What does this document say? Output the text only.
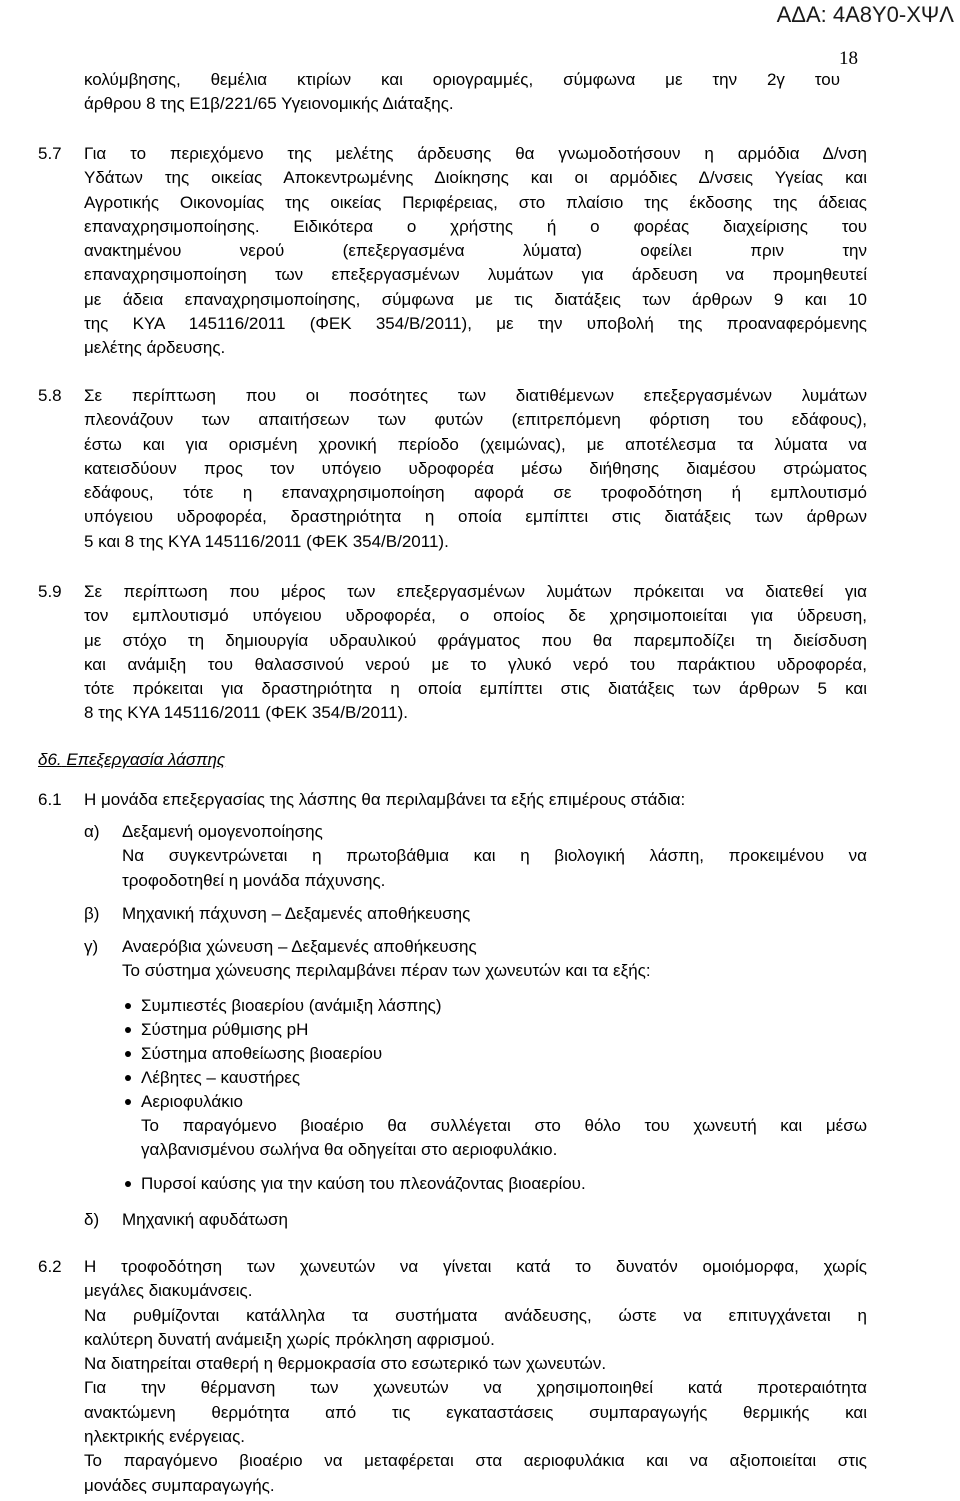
ΑΔΑ: 4Α8Υ0-ΧΨΛ
18

κολύμβησης, θεμέλια κτιρίων και οριογραμμές, σύμφωνα με την 2γ του

άρθρου 8 της Ε1β/221/65 Υγειονομικής Διάταξης.

5.7 Για το περιεχόμενο της μελέτης άρδευσης θα γνωμοδοτήσουν η αρμόδια Δ/νση

Υδάτων της οικείας Αποκεντρωμένης Διοίκησης και οι αρμόδιες Δ/νσεις Υγείας και

Αγροτικής Οικονομίας της οικείας Περιφέρειας, στο πλαίσιο της έκδοσης της άδειας

επαναχρησιμοποίησης. Ειδικότερα ο χρήστης ή ο φορέας διαχείρισης του

ανακτημένου νερού (επεξεργασμένα λύματα) οφείλει πριν την

επαναχρησιμοποίηση των επεξεργασμένων λυμάτων για άρδευση να προμηθευτεί

με άδεια επαναχρησιμοποίησης, σύμφωνα με τις διατάξεις των άρθρων 9 και 10

της ΚΥΑ 145116/2011 (ΦΕΚ 354/Β/2011), με την υποβολή της προαναφερόμενης

μελέτης άρδευσης.

5.8 Σε περίπτωση που οι ποσότητες των διατιθέμενων επεξεργασμένων λυμάτων

πλεονάζουν των απαιτήσεων των φυτών (επιτρεπόμενη φόρτιση του εδάφους),

έστω και για ορισμένη χρονική περίοδο (χειμώνας), με αποτέλεσμα τα λύματα να

κατεισδύουν προς τον υπόγειο υδροφορέα μέσω διήθησης διαμέσου στρώματος

εδάφους, τότε η επαναχρησιμοποίηση αφορά σε τροφοδότηση ή εμπλουτισμό

υπόγειου υδροφορέα, δραστηριότητα η οποία εμπίπτει στις διατάξεις των άρθρων

5 και 8 της ΚΥΑ 145116/2011 (ΦΕΚ 354/Β/2011).

5.9 Σε περίπτωση που μέρος των επεξεργασμένων λυμάτων πρόκειται να διατεθεί για

τον εμπλουτισμό υπόγειου υδροφορέα, ο οποίος δε χρησιμοποιείται για ύδρευση,

με στόχο τη δημιουργία υδραυλικού φράγματος που θα παρεμποδίζει τη διείσδυση

και ανάμιξη του θαλασσινού νερού με το γλυκό νερό του παράκτιου υδροφορέα,

τότε πρόκειται για δραστηριότητα η οποία εμπίπτει στις διατάξεις των άρθρων 5 και

8 της ΚΥΑ 145116/2011 (ΦΕΚ 354/Β/2011).

δ6. Επεξεργασία λάσπης
6.1 Η μονάδα επεξεργασίας της λάσπης θα περιλαμβάνει τα εξής επιμέρους στάδια:

α) Δεξαμενή ομογενοποίησης

Να συγκεντρώνεται η πρωτοβάθμια και η βιολογική λάσπη, προκειμένου να

τροφοδοτηθεί η μονάδα πάχυνσης.

β) Μηχανική πάχυνση – Δεξαμενές αποθήκευσης

γ) Αναερόβια χώνευση – Δεξαμενές αποθήκευσης

Το σύστημα χώνευσης περιλαμβάνει πέραν των χωνευτών και τα εξής:

Συμπιεστές βιοαερίου (ανάμιξη λάσπης)
Σύστημα ρύθμισης pH
Σύστημα αποθείωσης βιοαερίου
Λέβητες – καυστήρες
Αεριοφυλάκιο

Το παραγόμενο βιοαέριο θα συλλέγεται στο θόλο του χωνευτή και μέσω

γαλβανισμένου σωλήνα θα οδηγείται στο αεριοφυλάκιο.

Πυρσοί καύσης για την καύση του πλεονάζοντας βιοαερίου.
δ) Μηχανική αφυδάτωση

6.2 Η τροφοδότηση των χωνευτών να γίνεται κατά το δυνατόν ομοιόμορφα, χωρίς

μεγάλες διακυμάνσεις.

Να ρυθμίζονται κατάλληλα τα συστήματα ανάδευσης, ώστε να επιτυγχάνεται η

καλύτερη δυνατή ανάμειξη χωρίς πρόκληση αφρισμού.

Να διατηρείται σταθερή η θερμοκρασία στο εσωτερικό των χωνευτών.

Για την θέρμανση των χωνευτών να χρησιμοποιηθεί κατά προτεραιότητα

ανακτώμενη θερμότητα από τις εγκαταστάσεις συμπαραγωγής θερμικής και

ηλεκτρικής ενέργειας.

Το παραγόμενο βιοαέριο να μεταφέρεται στα αεριοφυλάκια και να αξιοποιείται στις

μονάδες συμπαραγωγής.
